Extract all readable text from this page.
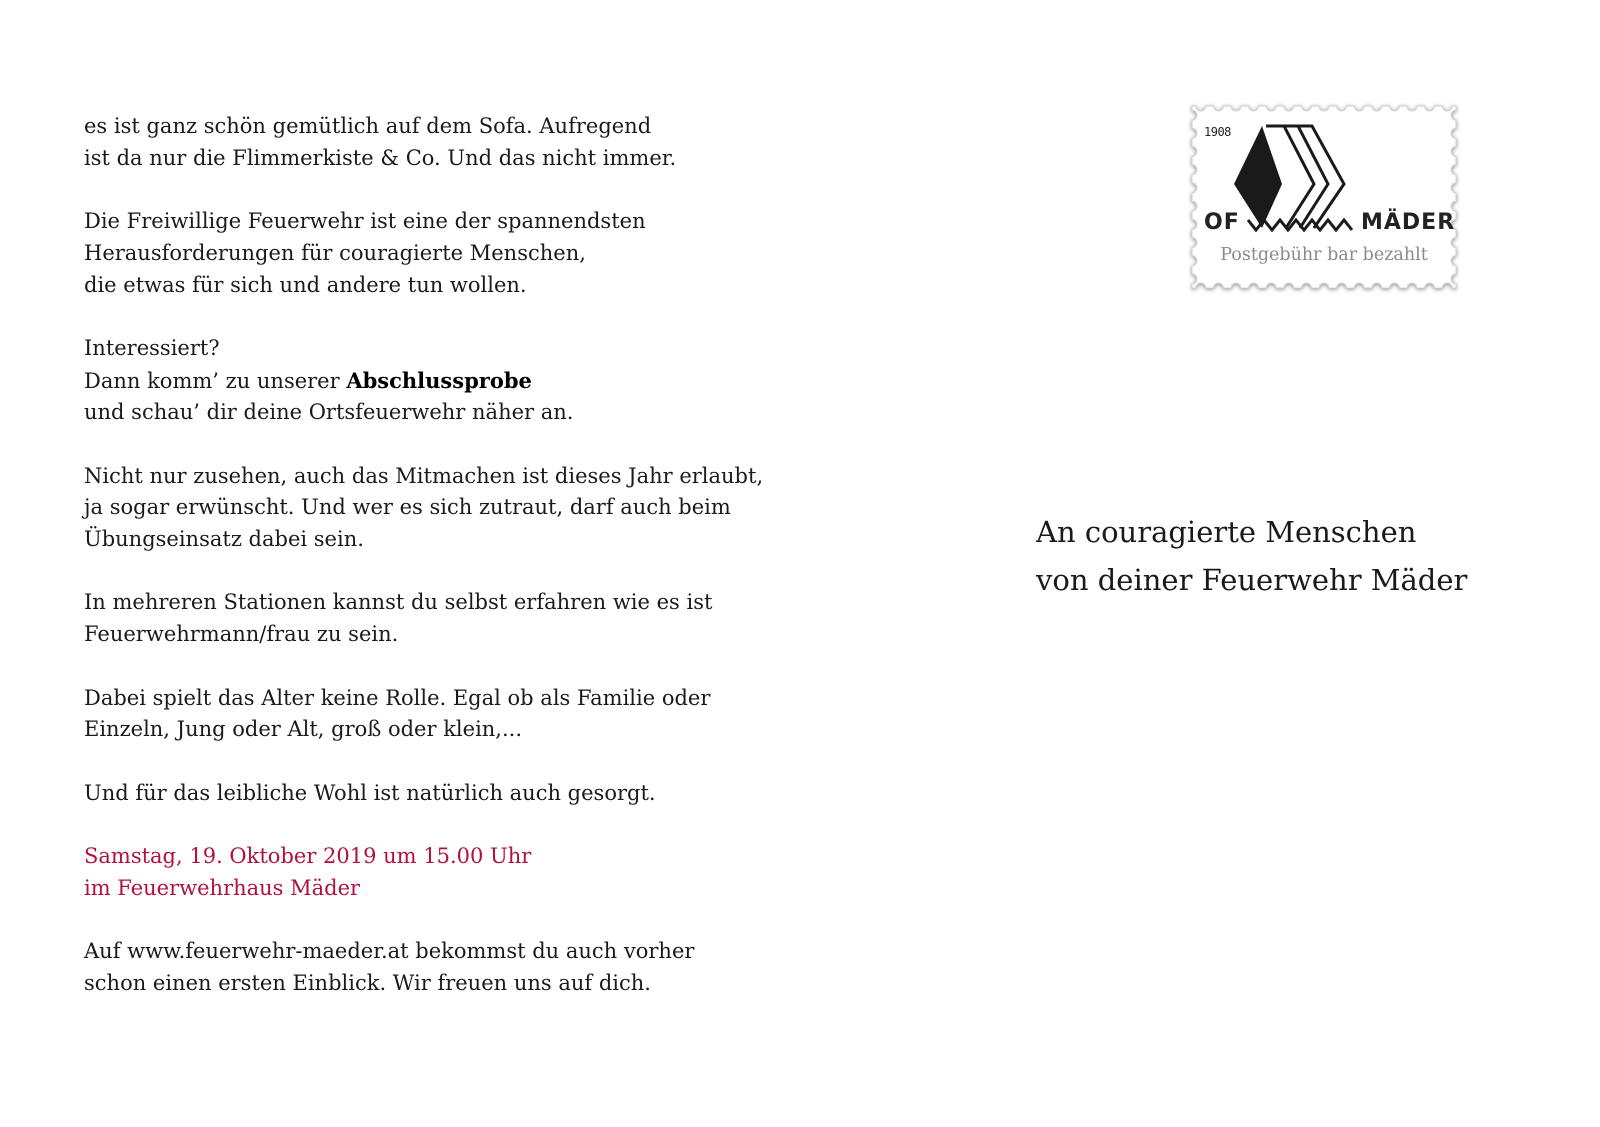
es ist ganz schön gemütlich auf dem Sofa. Aufregend
ist da nur die Flimmerkiste & Co. Und das nicht immer.
Die Freiwillige Feuerwehr ist eine der spannendsten
Herausforderungen für couragierte Menschen,
die etwas für sich und andere tun wollen.
Interessiert?
Dann komm’ zu unserer Abschlussprobe
und schau’ dir deine Ortsfeuerwehr näher an.
Nicht nur zusehen, auch das Mitmachen ist dieses Jahr erlaubt,
ja sogar erwünscht. Und wer es sich zutraut, darf auch beim
Übungseinsatz dabei sein.
In mehreren Stationen kannst du selbst erfahren wie es ist
Feuerwehrmann/frau zu sein.
Dabei spielt das Alter keine Rolle. Egal ob als Familie oder
Einzeln, Jung oder Alt, groß oder klein,...
Und für das leibliche Wohl ist natürlich auch gesorgt.
Samstag, 19. Oktober 2019 um 15.00 Uhr
im Feuerwehrhaus Mäder
Auf www.feuerwehr-maeder.at bekommst du auch vorher
schon einen ersten Einblick. Wir freuen uns auf dich.
1908
OF	MÄDER
Postgebühr bar bezahlt
An couragierte Menschen
von deiner Feuerwehr Mäder
